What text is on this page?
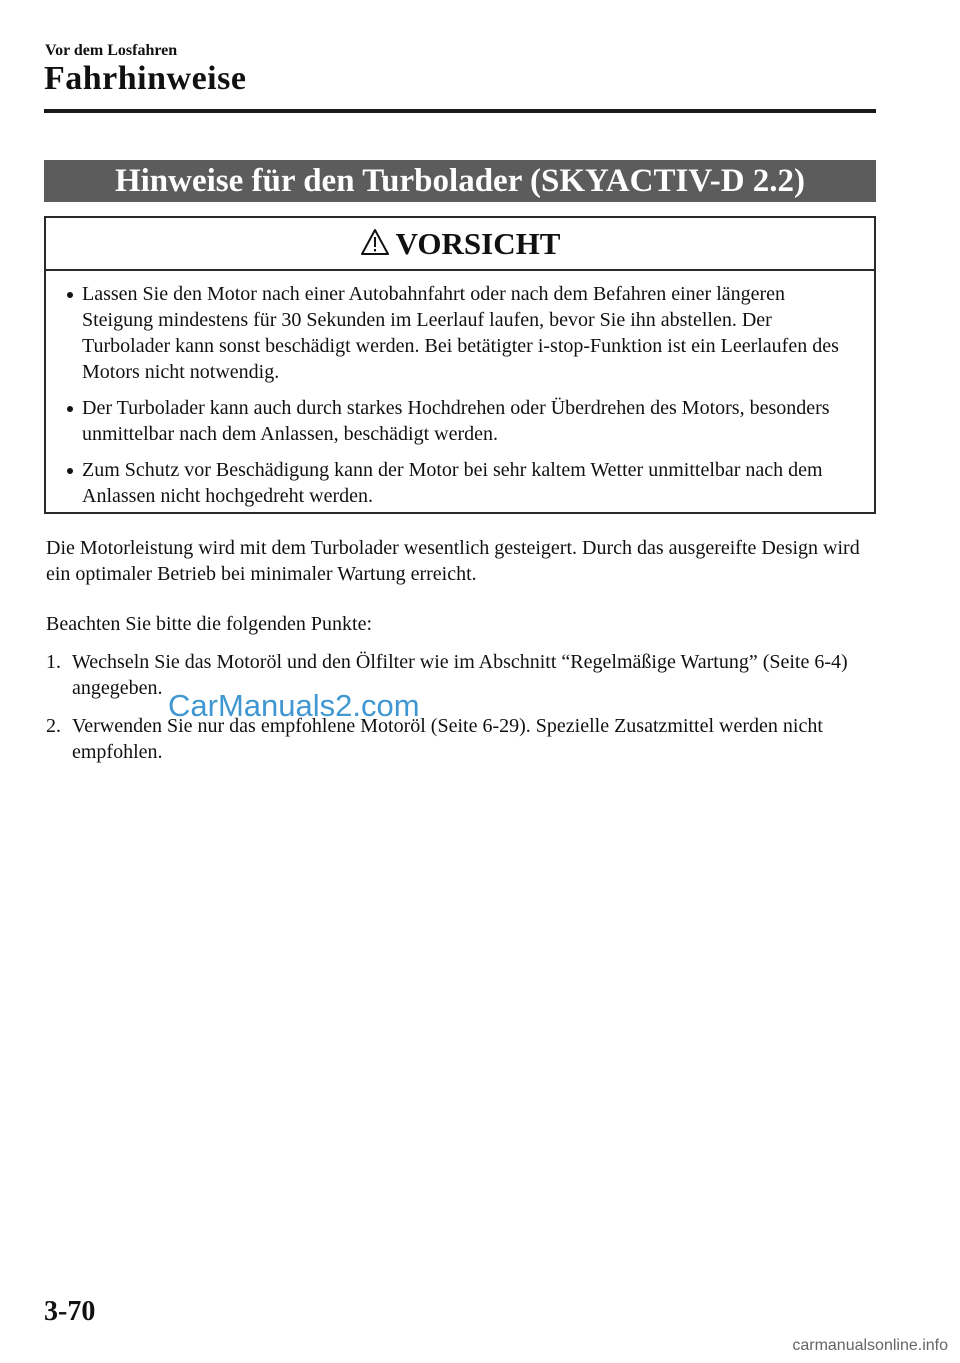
Vor dem Losfahren
Fahrhinweise
Hinweise für den Turbolader (SKYACTIV-D 2.2)
VORSICHT
Lassen Sie den Motor nach einer Autobahnfahrt oder nach dem Befahren einer längeren Steigung mindestens für 30 Sekunden im Leerlauf laufen, bevor Sie ihn abstellen. Der Turbolader kann sonst beschädigt werden. Bei betätigter i-stop-Funktion ist ein Leerlaufen des Motors nicht notwendig.
Der Turbolader kann auch durch starkes Hochdrehen oder Überdrehen des Motors, besonders unmittelbar nach dem Anlassen, beschädigt werden.
Zum Schutz vor Beschädigung kann der Motor bei sehr kaltem Wetter unmittelbar nach dem Anlassen nicht hochgedreht werden.

Die Motorleistung wird mit dem Turbolader wesentlich gesteigert. Durch das ausgereifte Design wird ein optimaler Betrieb bei minimaler Wartung erreicht.

Beachten Sie bitte die folgenden Punkte:

1. Wechseln Sie das Motoröl und den Ölfilter wie im Abschnitt “Regelmäßige Wartung” (Seite 6-4) angegeben.
2. Verwenden Sie nur das empfohlene Motoröl (Seite 6-29). Spezielle Zusatzmittel werden nicht empfohlen.
CarManuals2.com
3-70
carmanualsonline.info
